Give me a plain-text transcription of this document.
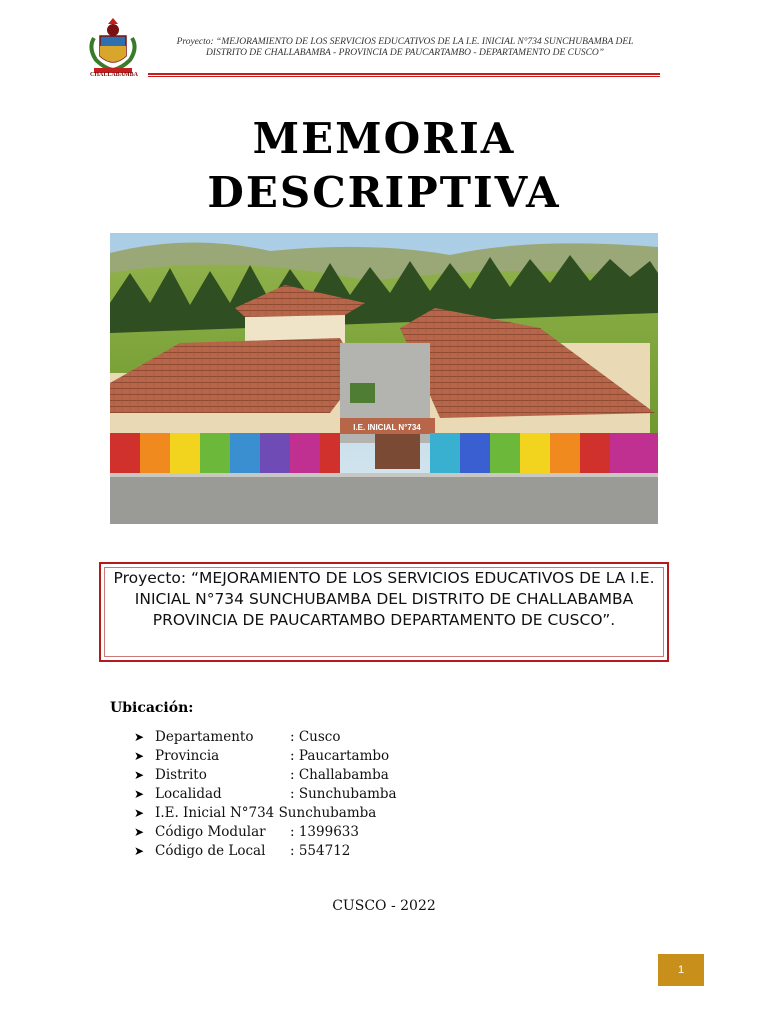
CHALLABAMBA
Proyecto: “MEJORAMIENTO DE LOS SERVICIOS EDUCATIVOS DE LA I.E. INICIAL N°734 SUNCHUBAMBA DEL DISTRITO DE CHALLABAMBA - PROVINCIA DE PAUCARTAMBO - DEPARTAMENTO DE CUSCO”
MEMORIA
DESCRIPTIVA
I.E. INICIAL N°734
Proyecto: “MEJORAMIENTO DE LOS SERVICIOS EDUCATIVOS DE LA I.E. INICIAL N°734 SUNCHUBAMBA DEL DISTRITO DE CHALLABAMBA PROVINCIA DE PAUCARTAMBO DEPARTAMENTO DE CUSCO”.
Ubicación:
➤ Departamento	: Cusco
➤ Provincia	: Paucartambo
➤ Distrito	: Challabamba
➤ Localidad	: Sunchubamba
➤ I.E. Inicial N°734 Sunchubamba
➤ Código Modular	: 1399633
➤ Código de Local	: 554712
CUSCO - 2022
1
